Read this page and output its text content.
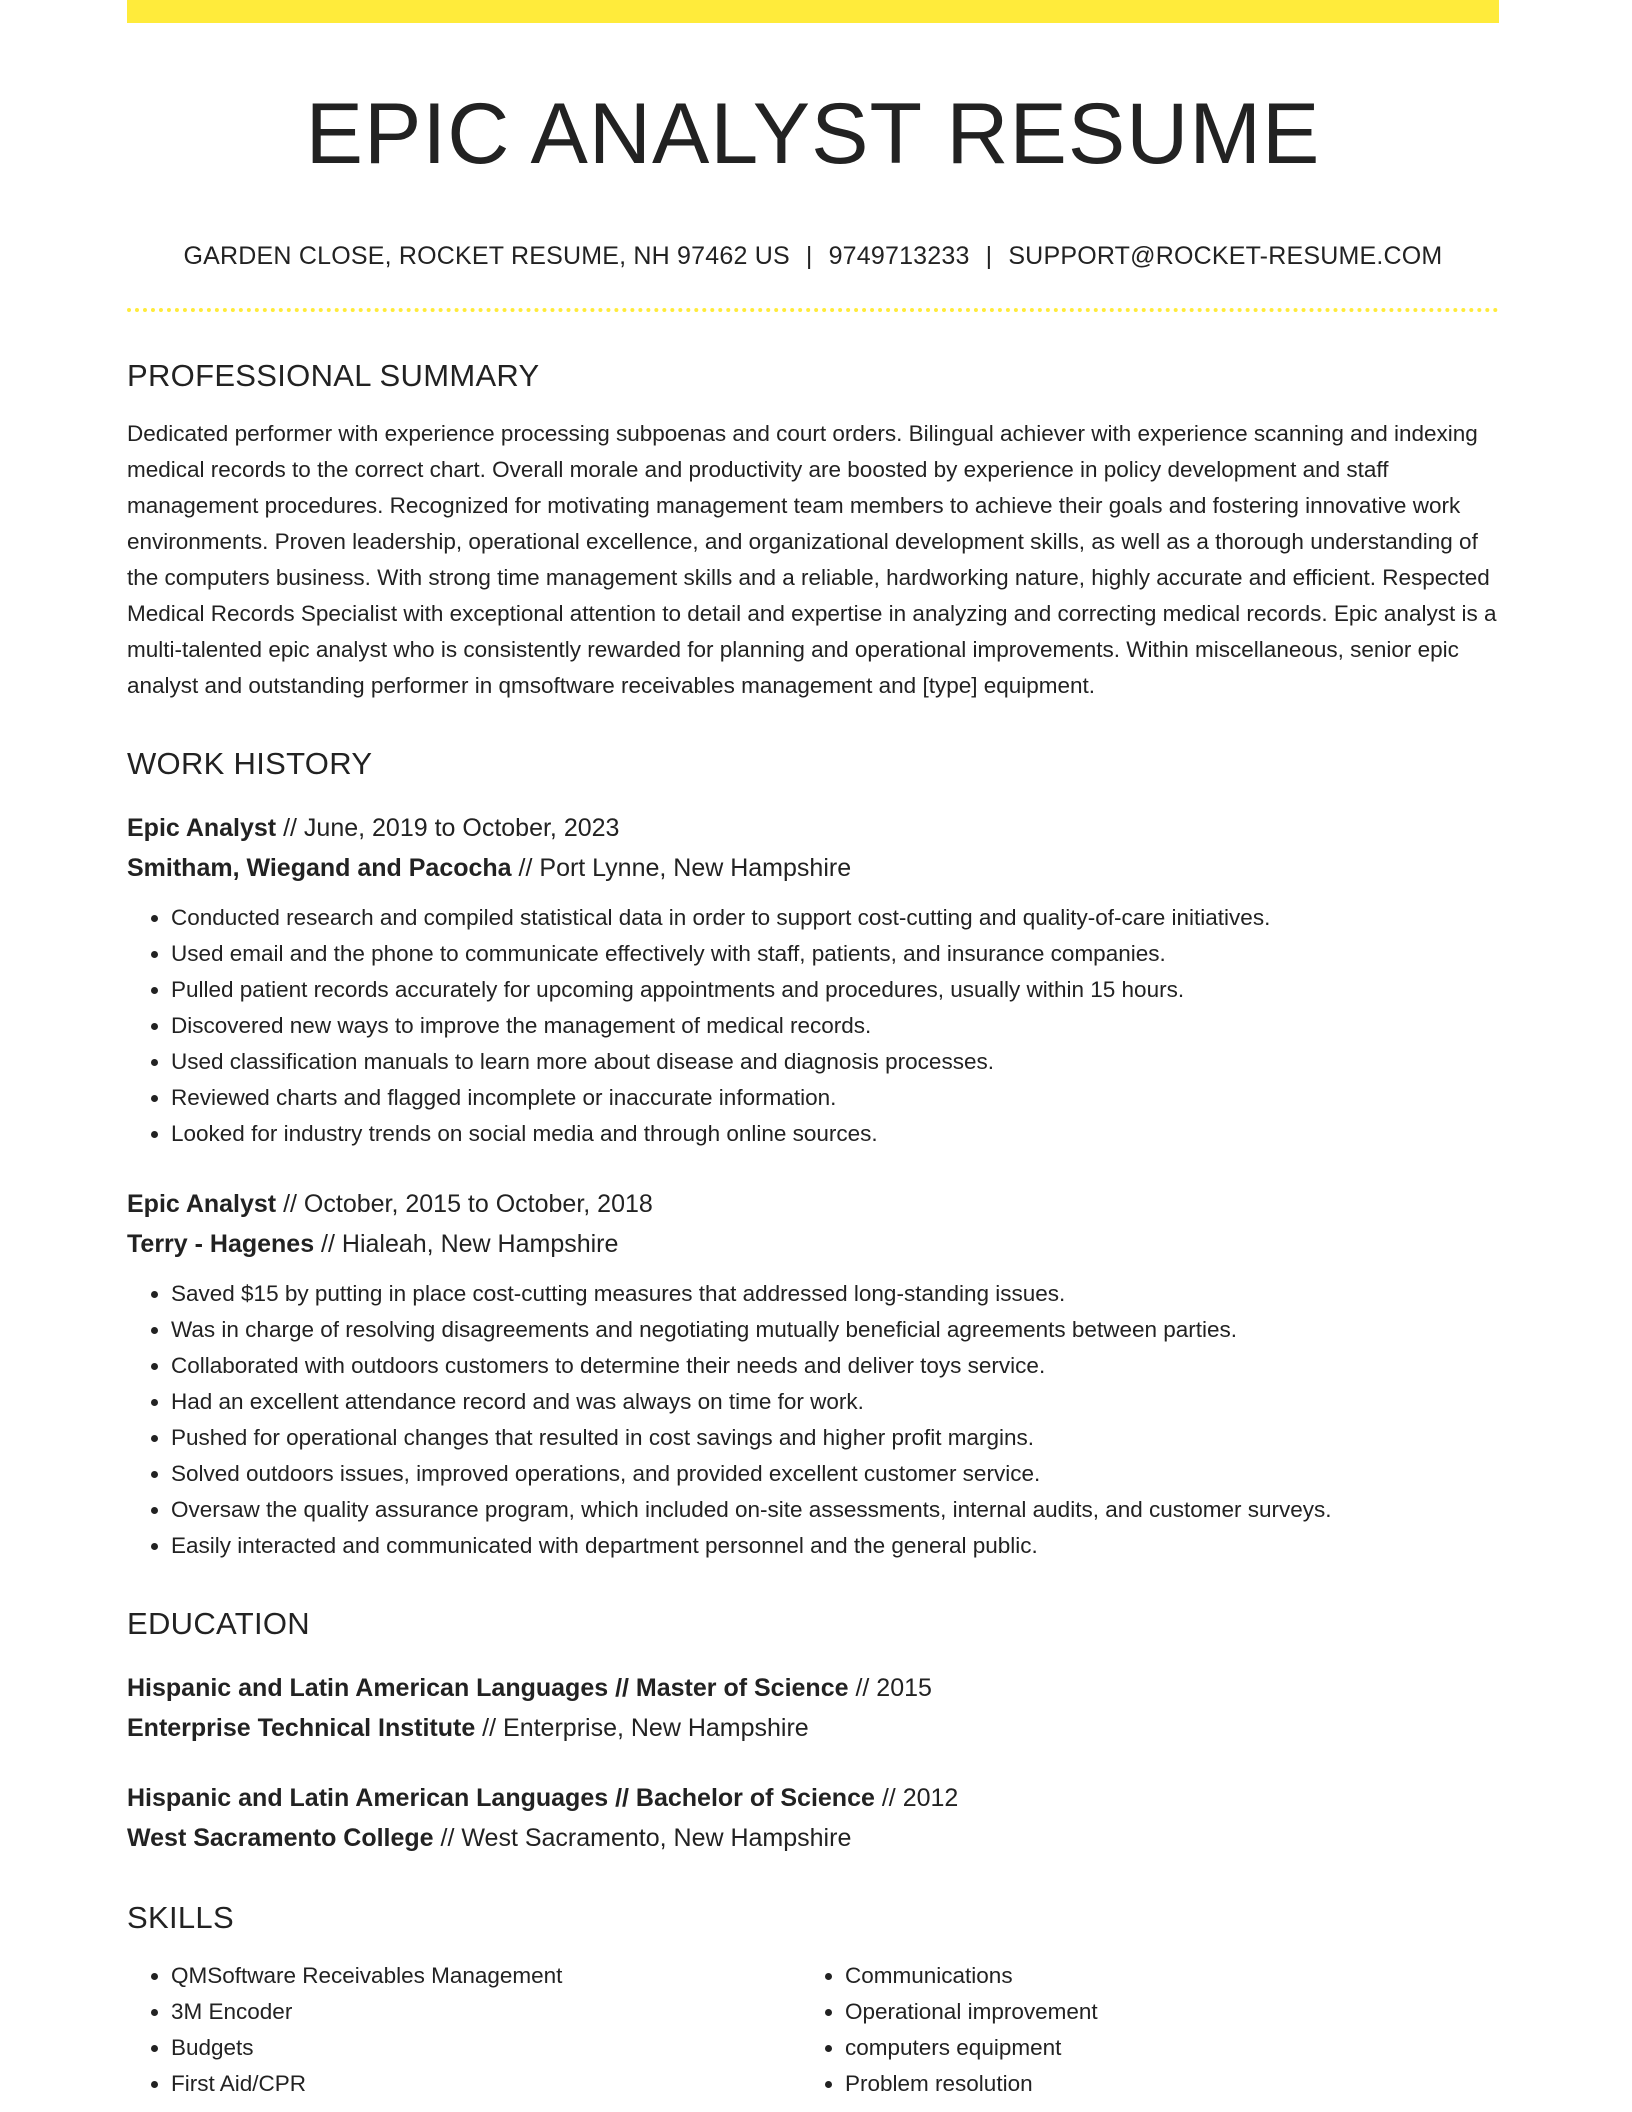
EPIC ANALYST RESUME
GARDEN CLOSE, ROCKET RESUME, NH 97462 US | 9749713233 | SUPPORT@ROCKET-RESUME.COM
PROFESSIONAL SUMMARY

Dedicated performer with experience processing subpoenas and court orders. Bilingual achiever with experience scanning and indexing medical records to the correct chart. Overall morale and productivity are boosted by experience in policy development and staff management procedures. Recognized for motivating management team members to achieve their goals and fostering innovative work environments. Proven leadership, operational excellence, and organizational development skills, as well as a thorough understanding of the computers business. With strong time management skills and a reliable, hardworking nature, highly accurate and efficient. Respected Medical Records Specialist with exceptional attention to detail and expertise in analyzing and correcting medical records. Epic analyst is a multi-talented epic analyst who is consistently rewarded for planning and operational improvements. Within miscellaneous, senior epic analyst and outstanding performer in qmsoftware receivables management and [type] equipment.

WORK HISTORY
Epic Analyst // June, 2019 to October, 2023
Smitham, Wiegand and Pacocha // Port Lynne, New Hampshire
• Conducted research and compiled statistical data in order to support cost-cutting and quality-of-care initiatives.
• Used email and the phone to communicate effectively with staff, patients, and insurance companies.
• Pulled patient records accurately for upcoming appointments and procedures, usually within 15 hours.
• Discovered new ways to improve the management of medical records.
• Used classification manuals to learn more about disease and diagnosis processes.
• Reviewed charts and flagged incomplete or inaccurate information.
• Looked for industry trends on social media and through online sources.
Epic Analyst // October, 2015 to October, 2018
Terry - Hagenes // Hialeah, New Hampshire
• Saved $15 by putting in place cost-cutting measures that addressed long-standing issues.
• Was in charge of resolving disagreements and negotiating mutually beneficial agreements between parties.
• Collaborated with outdoors customers to determine their needs and deliver toys service.
• Had an excellent attendance record and was always on time for work.
• Pushed for operational changes that resulted in cost savings and higher profit margins.
• Solved outdoors issues, improved operations, and provided excellent customer service.
• Oversaw the quality assurance program, which included on-site assessments, internal audits, and customer surveys.
• Easily interacted and communicated with department personnel and the general public.
EDUCATION
Hispanic and Latin American Languages // Master of Science // 2015
Enterprise Technical Institute // Enterprise, New Hampshire
Hispanic and Latin American Languages // Bachelor of Science // 2012
West Sacramento College // West Sacramento, New Hampshire
SKILLS
• QMSoftware Receivables Management
• 3M Encoder
• Budgets
• First Aid/CPR
• Communications
• Operational improvement
• computers equipment
• Problem resolution
